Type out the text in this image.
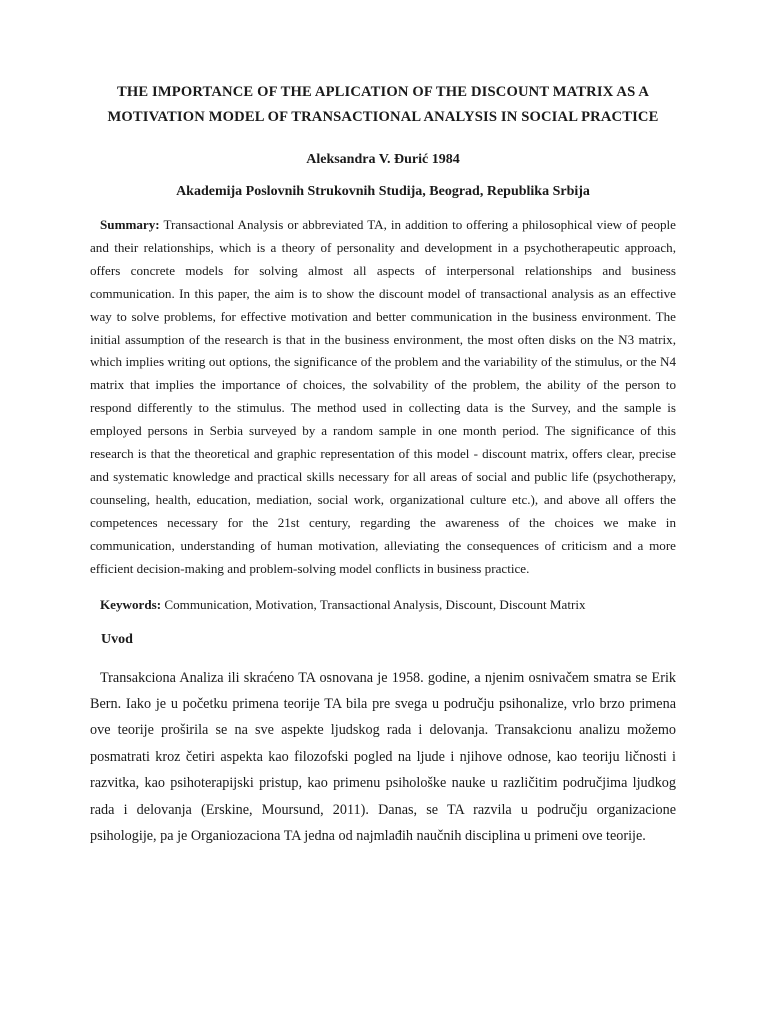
THE IMPORTANCE OF THE APLICATION OF THE DISCOUNT MATRIX AS A MOTIVATION MODEL OF TRANSACTIONAL ANALYSIS IN SOCIAL PRACTICE
Aleksandra V. Đurić 1984
Akademija Poslovnih Strukovnih Studija, Beograd, Republika Srbija

Summary: Transactional Analysis or abbreviated TA, in addition to offering a philosophical view of people and their relationships, which is a theory of personality and development in a psychotherapeutic approach, offers concrete models for solving almost all aspects of interpersonal relationships and business communication. In this paper, the aim is to show the discount model of transactional analysis as an effective way to solve problems, for effective motivation and better communication in the business environment. The initial assumption of the research is that in the business environment, the most often disks on the N3 matrix, which implies writing out options, the significance of the problem and the variability of the stimulus, or the N4 matrix that implies the importance of choices, the solvability of the problem, the ability of the person to respond differently to the stimulus. The method used in collecting data is the Survey, and the sample is employed persons in Serbia surveyed by a random sample in one month period. The significance of this research is that the theoretical and graphic representation of this model - discount matrix, offers clear, precise and systematic knowledge and practical skills necessary for all areas of social and public life (psychotherapy, counseling, health, education, mediation, social work, organizational culture etc.), and above all offers the competences necessary for the 21st century, regarding the awareness of the choices we make in communication, understanding of human motivation, alleviating the consequences of criticism and a more efficient decision-making and problem-solving model conflicts in business practice.

Keywords: Communication, Motivation, Transactional Analysis, Discount, Discount Matrix

Uvod

Transakciona Analiza ili skraćeno TA osnovana je 1958. godine, a njenim osnivačem smatra se Erik Bern. Iako je u početku primena teorije TA bila pre svega u području psihonalize, vrlo brzo primena ove teorije proširila se na sve aspekte ljudskog rada i delovanja. Transakcionu analizu možemo posmatrati kroz četiri aspekta kao filozofski pogled na ljude i njihove odnose, kao teoriju ličnosti i razvitka, kao psihoterapijski pristup, kao primenu psihološke nauke u različitim područjima ljudkog rada i delovanja (Erskine, Moursund, 2011). Danas, se TA razvila u području organizacione psihologije, pa je Organiozaciona TA jedna od najmlađih naučnih disciplina u primeni ove teorije.
